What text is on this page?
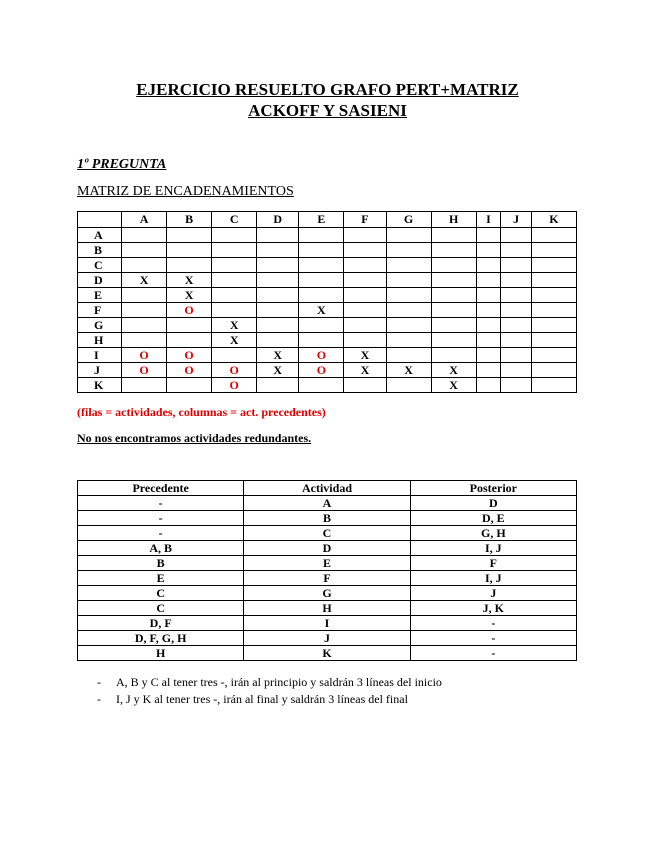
EJERCICIO RESUELTO GRAFO PERT+MATRIZ
ACKOFF Y SASIENI
1º PREGUNTA
MATRIZ DE ENCADENAMIENTOS
	A	B	C	D	E	F	G	H	I	J	K
A											
B											
C											
D	X	X									
E		X									
F		O			X						
G			X								
H			X								
I	O	O		X	O	X					
J	O	O	O	X	O	X	X	X			
K			O					X			
(filas = actividades, columnas = act. precedentes)
No nos encontramos actividades redundantes.
Precedente	Actividad	Posterior
-	A	D
-	B	D, E
-	C	G, H
A, B	D	I, J
B	E	F
E	F	I, J
C	G	J
C	H	J, K
D, F	I	-
D, F, G, H	J	-
H	K	-
-	A, B y C al tener tres -, irán al principio y saldrán 3 líneas del inicio
-	I, J y K al tener tres -, irán al final y saldrán 3 líneas del final
